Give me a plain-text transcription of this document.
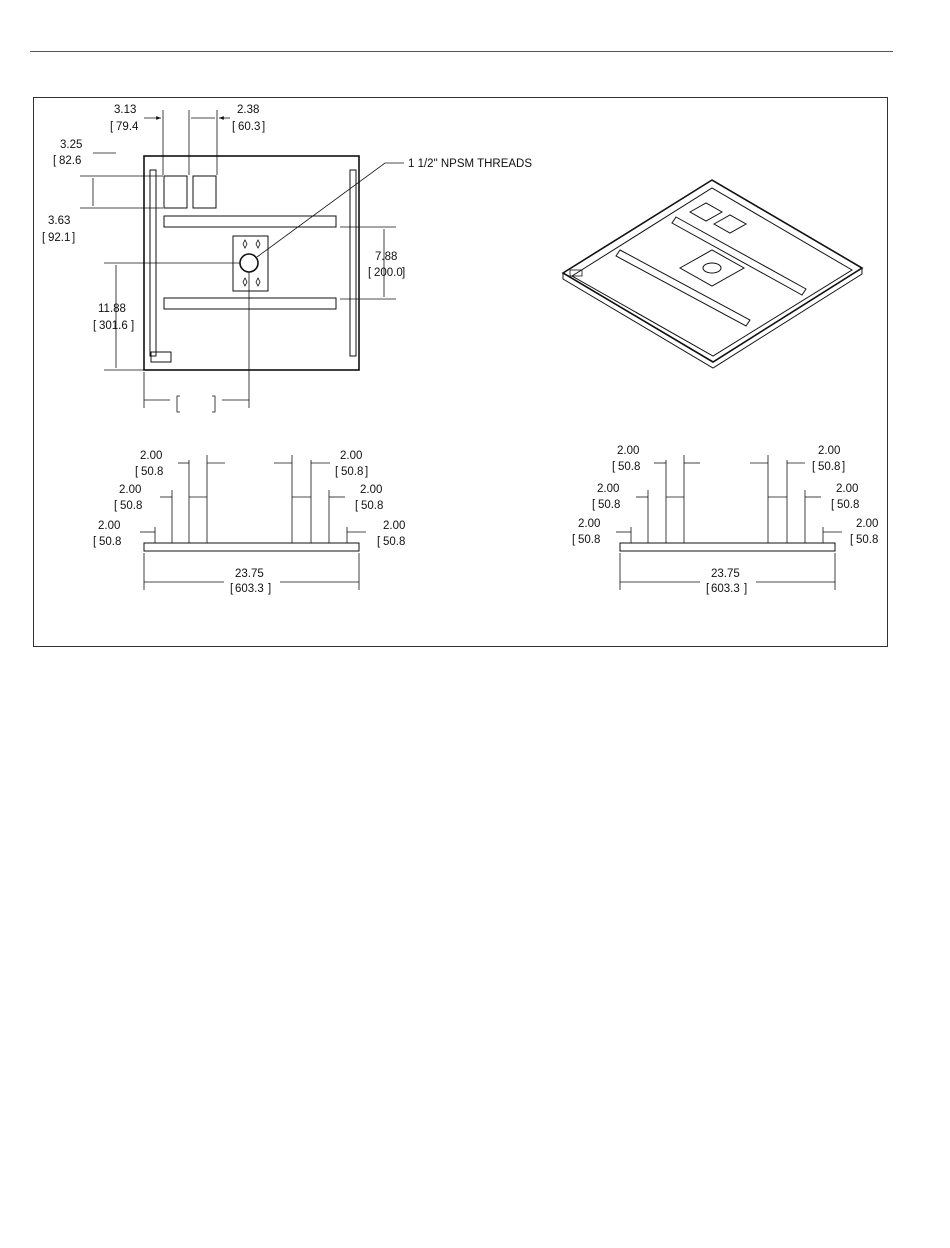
1 1/2" NPSM THREADS
3.13
[ 79.4
2.38
[ 60.3 ]
3.25
[ 82.6
3.63
[ 92.1 ]
11.88
[ 301.6 ]
7.88
[ 200.0 ]
2.00
[ 50.8
2.00
[ 50.8 ]
2.00
[ 50.8
2.00
[ 50.8
2.00
[ 50.8
2.00
[ 50.8
23.75
[ 603.3 ]
2.00
[ 50.8
2.00
[ 50.8 ]
2.00
[ 50.8
2.00
[ 50.8
2.00
[ 50.8
2.00
[ 50.8
23.75
[ 603.3 ]
